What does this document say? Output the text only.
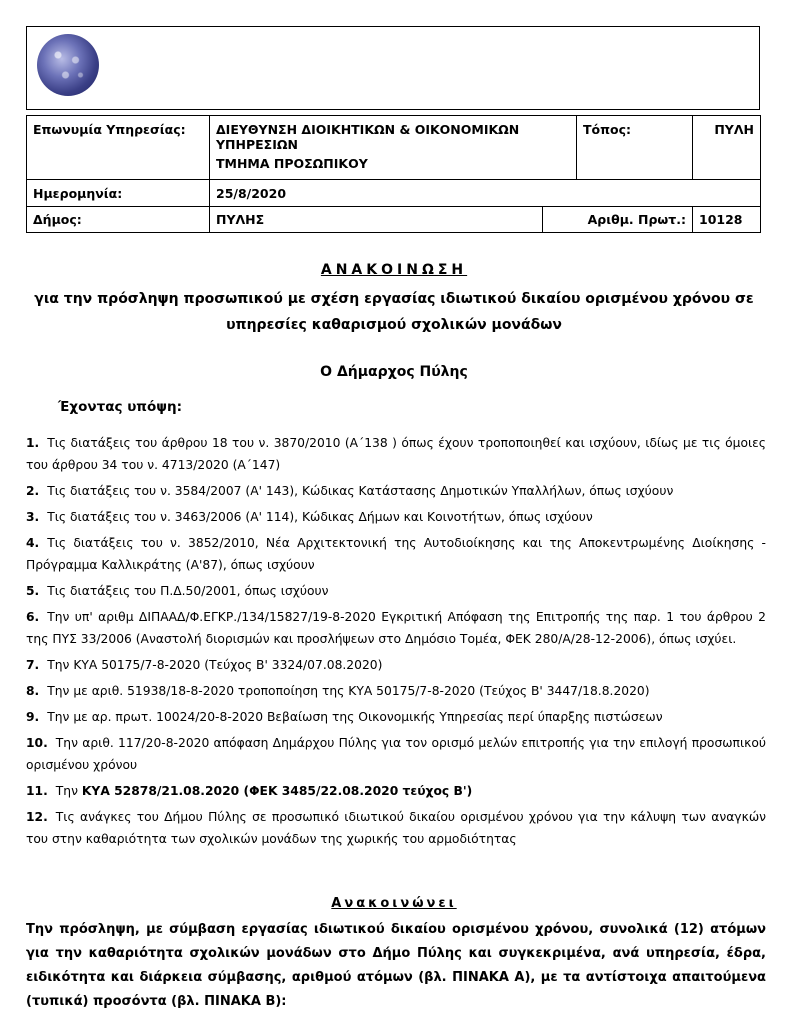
Επωνυμία Υπηρεσίας:	ΔΙΕΥΘΥΝΣΗ ΔΙΟΙΚΗΤΙΚΩΝ & ΟΙΚΟΝΟΜΙΚΩΝ ΥΠΗΡΕΣΙΩΝ		Τόπος:	ΠΥΛΗ
	ΤΜΗΜΑ ΠΡΟΣΩΠΙΚΟΥ			
Ημερομηνία:	25/8/2020			
Δήμος:	ΠΥΛΗΣ	Αριθμ. Πρωτ.:		10128
ΑΝΑΚΟΙΝΩΣΗ
για την πρόσληψη προσωπικού με σχέση εργασίας ιδιωτικού δικαίου ορισμένου χρόνου σε
υπηρεσίες καθαρισμού σχολικών μονάδων
Ο Δήμαρχος Πύλης
Έχοντας υπόψη:
1. Τις διατάξεις του άρθρου 18 του ν. 3870/2010 (Α΄138 ) όπως έχουν τροποποιηθεί και ισχύουν, ιδίως με τις όμοιες του άρθρου 34 του ν. 4713/2020 (Α΄147)
2. Τις διατάξεις του ν. 3584/2007 (Α' 143), Κώδικας Κατάστασης Δημοτικών Υπαλλήλων, όπως ισχύουν
3. Τις διατάξεις του ν. 3463/2006 (Α' 114), Κώδικας Δήμων και Κοινοτήτων, όπως ισχύουν
4. Τις διατάξεις του ν. 3852/2010, Νέα Αρχιτεκτονική της Αυτοδιοίκησης και της Αποκεντρωμένης Διοίκησης - Πρόγραμμα Καλλικράτης (Α'87), όπως ισχύουν
5. Τις διατάξεις του Π.Δ.50/2001, όπως ισχύουν
6. Την υπ' αριθμ ΔΙΠΑΑΔ/Φ.ΕΓΚΡ./134/15827/19-8-2020 Εγκριτική Απόφαση της Επιτροπής της παρ. 1 του άρθρου 2 της ΠΥΣ 33/2006 (Αναστολή διορισμών και προσλήψεων στο Δημόσιο Τομέα, ΦΕΚ 280/Α/28-12-2006), όπως ισχύει.
7. Την ΚΥΑ 50175/7-8-2020 (Τεύχος Β' 3324/07.08.2020)
8. Την με αριθ. 51938/18-8-2020 τροποποίηση της ΚΥΑ 50175/7-8-2020 (Τεύχος Β' 3447/18.8.2020)
9. Την με αρ. πρωτ. 10024/20-8-2020 Βεβαίωση της Οικονομικής Υπηρεσίας περί ύπαρξης πιστώσεων
10. Την αριθ. 117/20-8-2020 απόφαση Δημάρχου Πύλης για τον ορισμό μελών επιτροπής για την επιλογή προσωπικού ορισμένου χρόνου
11. Την ΚΥΑ 52878/21.08.2020 (ΦΕΚ 3485/22.08.2020 τεύχος Β')
12. Τις ανάγκες του Δήμου Πύλης σε προσωπικό ιδιωτικού δικαίου ορισμένου χρόνου για την κάλυψη των αναγκών του στην καθαριότητα των σχολικών μονάδων της χωρικής του αρμοδιότητας
Ανακοινώνει
Την πρόσληψη, με σύμβαση εργασίας ιδιωτικού δικαίου ορισμένου χρόνου, συνολικά (12) ατόμων για την καθαριότητα σχολικών μονάδων στο Δήμο Πύλης και συγκεκριμένα, ανά υπηρεσία, έδρα, ειδικότητα και διάρκεια σύμβασης, αριθμού ατόμων (βλ. ΠΙΝΑΚΑ Α), με τα αντίστοιχα απαιτούμενα (τυπικά) προσόντα (βλ. ΠΙΝΑΚΑ Β):
